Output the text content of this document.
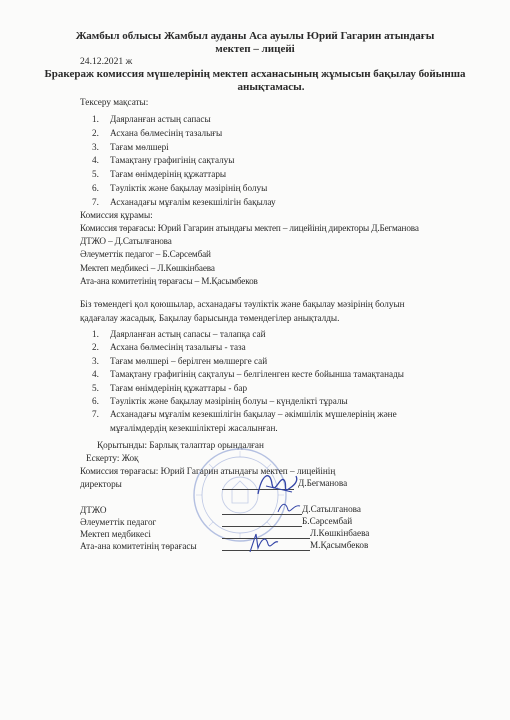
Жамбыл облысы Жамбыл ауданы Аса ауылы Юрий Гагарин атындағы
мектеп – лицейі
24.12.2021 ж
Бракераж комиссия мүшелерінің мектеп асханасының жұмысын бақылау бойынша
анықтамасы.
Тексеру мақсаты:
1. Даярланған астың сапасы
2. Асхана бөлмесінің тазалығы
3. Тағам мөлшері
4. Тамақтану графигінің сақталуы
5. Тағам өнімдерінің құжаттары
6. Тәуліктік және бақылау мәзірінің болуы
7. Асханадағы мұғалім кезекшілігін бақылау
Комиссия құрамы:
Комиссия төрағасы: Юрий Гагарин атындағы мектеп – лицейінің директоры Д.Бегманова
ДТЖО – Д.Сатылғанова
Әлеуметтік педагог – Б.Сәрсембай
Мектеп медбикесі – Л.Көшкінбаева
Ата-ана комитетінің төрағасы – М.Қасымбеков
Біз төмендегі қол қоюшылар, асханадағы тәуліктік және бақылау мәзірінің болуын
қадағалау жасадық. Бақылау барысында төмендегілер анықталды.
1. Даярланған астың сапасы – талапқа сай
2. Асхана бөлмесінің тазалығы - таза
3. Тағам мөлшері – берілген мөлшерге сай
4. Тамақтану графигінің сақталуы – белгіленген кесте бойынша тамақтанады
5. Тағам өнімдерінің құжаттары - бар
6. Тәуліктік және бақылау мәзірінің болуы – күнделікті тұралы
7. Асханадағы мұғалім кезекшілігін бақылау – әкімшілік мүшелерінің және
мұғалімдердің кезекшіліктері жасалынған.
Қорытынды: Барлық талаптар орындалған
Ескерту: Жоқ
Комиссия төрағасы: Юрий Гагарин атындағы мектеп – лицейінің
директоры	Д.Бегманова
ДТЖО	Д.Сатылганова
Әлеуметтік педагог	Б.Сәрсембай
Мектеп медбикесі	Л.Көшкінбаева
Ата-ана комитетінің төрағасы	М.Қасымбеков
